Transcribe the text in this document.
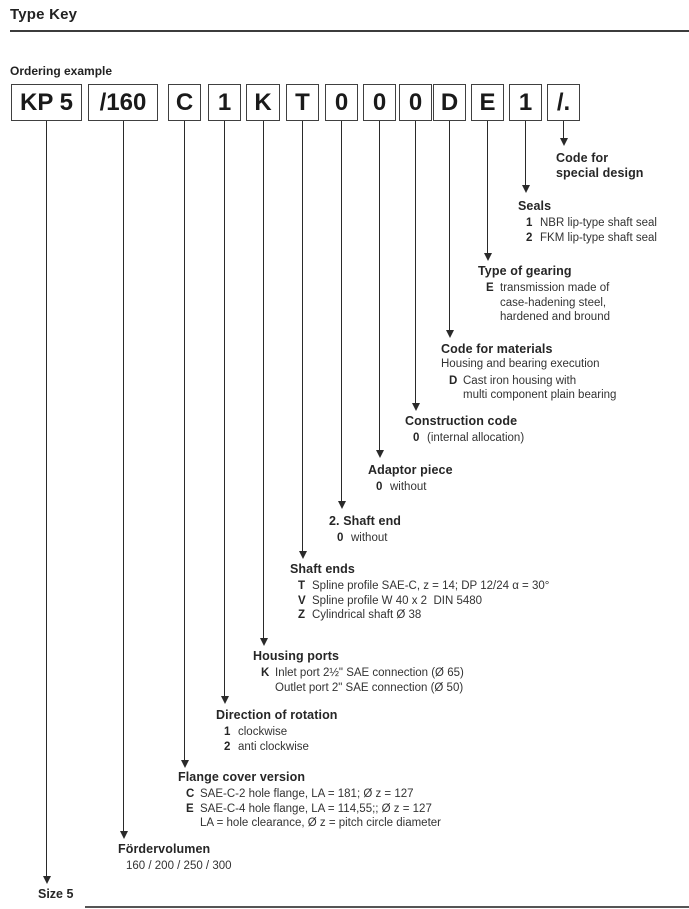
Type Key
Ordering example
KP 5	/160	C	1 K T	0	0 0 D E 1	/.
Code for
special design
Seals
1 NBR lip-type shaft seal
2 FKM lip-type shaft seal
Type of gearing
E transmission made of
case-hadening steel,
hardened and bround
Code for materials
Housing and bearing execution
D Cast iron housing with
multi component plain bearing
Construction code
0 (internal allocation)
Adaptor piece
0 without
2. Shaft end
0 without
Shaft ends
T Spline profile SAE-C, z = 14; DP 12/24 α = 30°
V Spline profile W 40 x 2  DIN 5480
Z Cylindrical shaft Ø 38
Housing ports
K Inlet port 2½" SAE connection (Ø 65)
Outlet port 2" SAE connection (Ø 50)
Direction of rotation
1 clockwise
2 anti clockwise
Flange cover version
C SAE-C-2 hole flange, LA = 181; Ø z = 127
E SAE-C-4 hole flange, LA = 114,55;; Ø z = 127
LA = hole clearance, Ø z = pitch circle diameter
Fördervolumen
160 / 200 / 250 / 300
Size 5
